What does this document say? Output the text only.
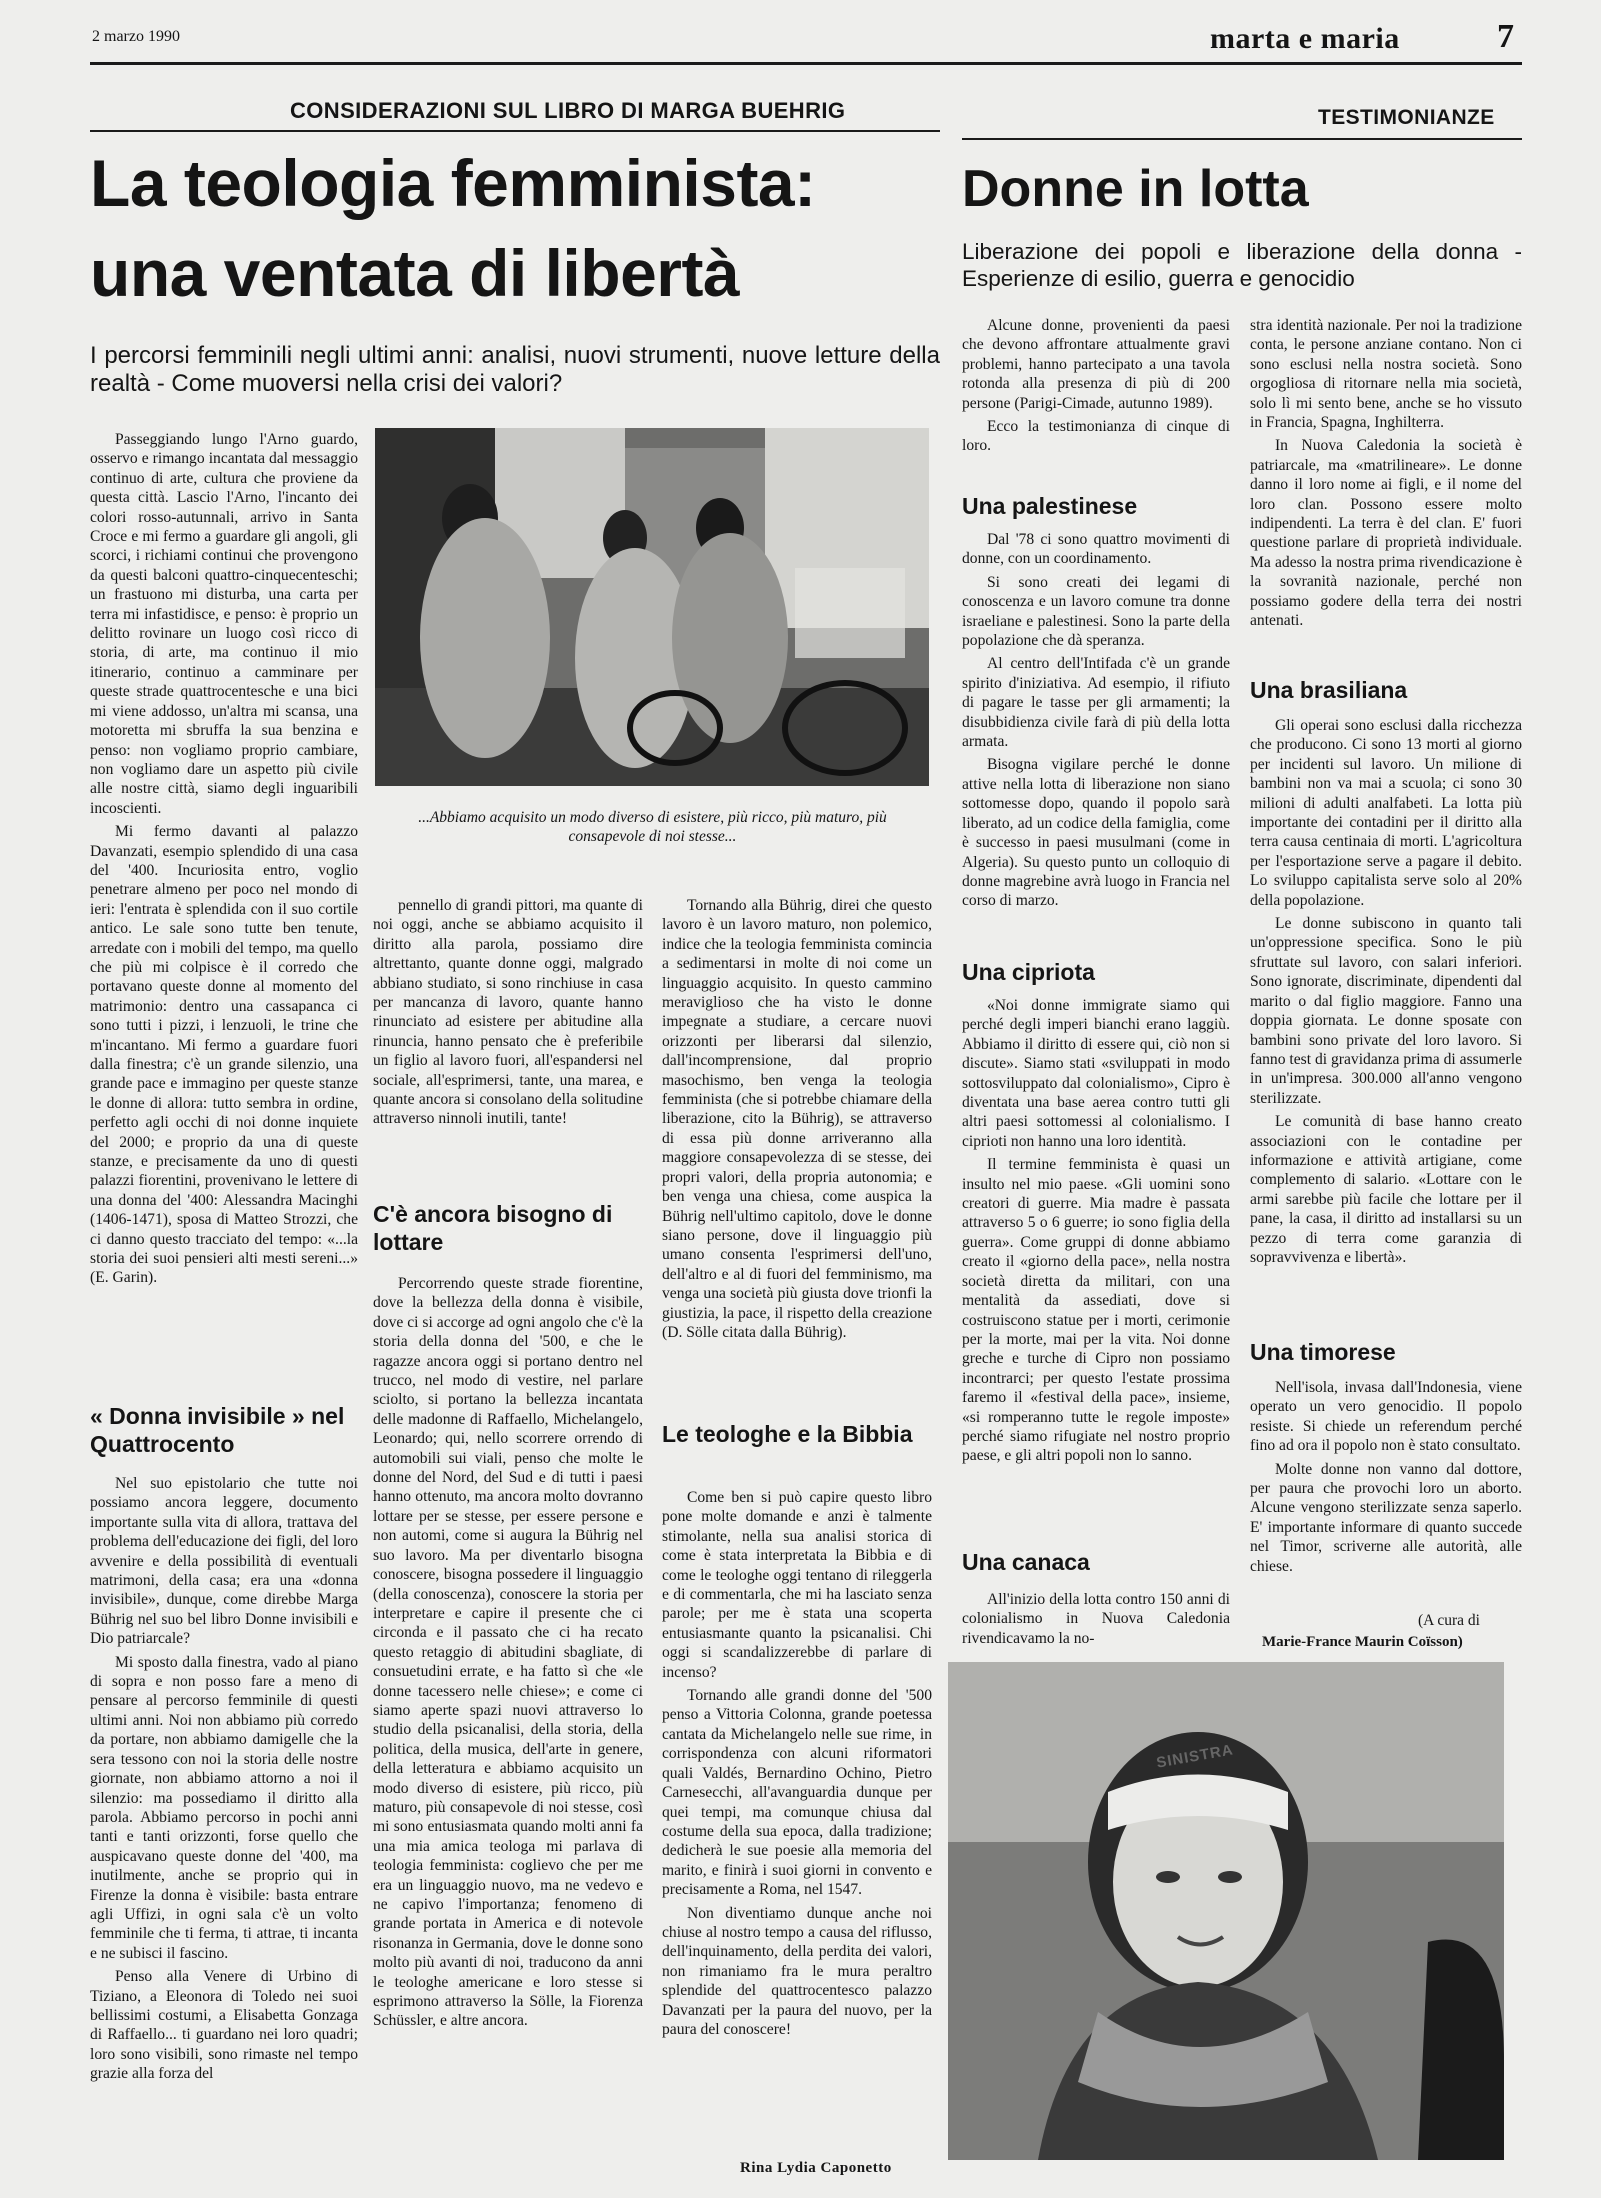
2 marzo 1990	marta e maria	7
CONSIDERAZIONI SUL LIBRO DI MARGA BUEHRIG
La teologia femminista:
una ventata di libertà
I percorsi femminili negli ultimi anni: analisi, nuovi strumenti, nuove letture della realtà - Come muoversi nella crisi dei valori?
...Abbiamo acquisito un modo diverso di esistere, più ricco, più maturo, più consapevole di noi stesse...

Passeggiando lungo l'Arno guardo, osservo e rimango incantata dal messaggio continuo di arte, cultura che proviene da questa città. Lascio l'Arno, l'incanto dei colori rosso-autunnali, arrivo in Santa Croce e mi fermo a guardare gli angoli, gli scorci, i richiami continui che provengono da questi balconi quattro-cinquecenteschi; un frastuono mi disturba, una carta per terra mi infastidisce, e penso: è proprio un delitto rovinare un luogo così ricco di storia, di arte, ma continuo il mio itinerario, continuo a camminare per queste strade quattrocentesche e una bici mi viene addosso, un'altra mi scansa, una motoretta mi sbruffa la sua benzina e penso: non vogliamo proprio cambiare, non vogliamo dare un aspetto più civile alle nostre città, siamo degli inguaribili incoscienti.

Mi fermo davanti al palazzo Davanzati, esempio splendido di una casa del '400. Incuriosita entro, voglio penetrare almeno per poco nel mondo di ieri: l'entrata è splendida con il suo cortile antico. Le sale sono tutte ben tenute, arredate con i mobili del tempo, ma quello che più mi colpisce è il corredo che portavano queste donne al momento del matrimonio: dentro una cassapanca ci sono tutti i pizzi, i lenzuoli, le trine che m'incantano. Mi fermo a guardare fuori dalla finestra; c'è un grande silenzio, una grande pace e immagino per queste stanze le donne di allora: tutto sembra in ordine, perfetto agli occhi di noi donne inquiete del 2000; e proprio da una di queste stanze, e precisamente da uno di questi palazzi fiorentini, provenivano le lettere di una donna del '400: Alessandra Macinghi (1406-1471), sposa di Matteo Strozzi, che ci danno questo tracciato del tempo: «...la storia dei suoi pensieri alti mesti sereni...» (E. Garin).

« Donna invisibile » nel Quattrocento

Nel suo epistolario che tutte noi possiamo ancora leggere, documento importante sulla vita di allora, trattava del problema dell'educazione dei figli, del loro avvenire e della possibilità di eventuali matrimoni, della casa; era una «donna invisibile», dunque, come direbbe Marga Bührig nel suo bel libro Donne invisibili e Dio patriarcale?

Mi sposto dalla finestra, vado al piano di sopra e non posso fare a meno di pensare al percorso femminile di questi ultimi anni. Noi non abbiamo più corredo da portare, non abbiamo damigelle che la sera tessono con noi la storia delle nostre giornate, non abbiamo attorno a noi il silenzio: ma possediamo il diritto alla parola. Abbiamo percorso in pochi anni tanti e tanti orizzonti, forse quello che auspicavano queste donne del '400, ma inutilmente, anche se proprio qui in Firenze la donna è visibile: basta entrare agli Uffizi, in ogni sala c'è un volto femminile che ti ferma, ti attrae, ti incanta e ne subisci il fascino.

Penso alla Venere di Urbino di Tiziano, a Eleonora di Toledo nei suoi bellissimi costumi, a Elisabetta Gonzaga di Raffaello... ti guardano nei loro quadri; loro sono visibili, sono rimaste nel tempo grazie alla forza del

pennello di grandi pittori, ma quante di noi oggi, anche se abbiamo acquisito il diritto alla parola, possiamo dire altrettanto, quante donne oggi, malgrado abbiano studiato, si sono rinchiuse in casa per mancanza di lavoro, quante hanno rinunciato ad esistere per abitudine alla rinuncia, hanno pensato che è preferibile un figlio al lavoro fuori, all'espandersi nel sociale, all'esprimersi, tante, una marea, e quante ancora si consolano della solitudine attraverso ninnoli inutili, tante!

C'è ancora bisogno di lottare

Percorrendo queste strade fiorentine, dove la bellezza della donna è visibile, dove ci si accorge ad ogni angolo che c'è la storia della donna del '500, e che le ragazze ancora oggi si portano dentro nel trucco, nel modo di vestire, nel parlare sciolto, si portano la bellezza incantata delle madonne di Raffaello, Michelangelo, Leonardo; qui, nello scorrere orrendo di automobili sui viali, penso che molte le donne del Nord, del Sud e di tutti i paesi hanno ottenuto, ma ancora molto dovranno lottare per se stesse, per essere persone e non automi, come si augura la Bührig nel suo lavoro. Ma per diventarlo bisogna conoscere, bisogna possedere il linguaggio (della conoscenza), conoscere la storia per interpretare e capire il presente che ci circonda e il passato che ci ha recato questo retaggio di abitudini sbagliate, di consuetudini errate, e ha fatto sì che «le donne tacessero nelle chiese»; e come ci siamo aperte spazi nuovi attraverso lo studio della psicanalisi, della storia, della politica, della musica, dell'arte in genere, della letteratura e abbiamo acquisito un modo diverso di esistere, più ricco, più maturo, più consapevole di noi stesse, così mi sono entusiasmata quando molti anni fa una mia amica teologa mi parlava di teologia femminista: coglievo che per me era un linguaggio nuovo, ma ne vedevo e ne capivo l'importanza; fenomeno di grande portata in America e di notevole risonanza in Germania, dove le donne sono molto più avanti di noi, traducono da anni le teologhe americane e loro stesse si esprimono attraverso la Sölle, la Fiorenza Schüssler, e altre ancora.

Tornando alla Bührig, direi che questo lavoro è un lavoro maturo, non polemico, indice che la teologia femminista comincia a sedimentarsi in molte di noi come un linguaggio acquisito. In questo cammino meraviglioso che ha visto le donne impegnate a studiare, a cercare nuovi orizzonti per liberarsi dal silenzio, dall'incomprensione, dal proprio masochismo, ben venga la teologia femminista (che si potrebbe chiamare della liberazione, cito la Bührig), se attraverso di essa più donne arriveranno alla maggiore consapevolezza di se stesse, dei propri valori, della propria autonomia; e ben venga una chiesa, come auspica la Bührig nell'ultimo capitolo, dove le donne siano persone, dove il linguaggio più umano consenta l'esprimersi dell'uno, dell'altro e al di fuori del femminismo, ma venga una società più giusta dove trionfi la giustizia, la pace, il rispetto della creazione (D. Sölle citata dalla Bührig).

Le teologhe e la Bibbia

Come ben si può capire questo libro pone molte domande e anzi è talmente stimolante, nella sua analisi storica di come è stata interpretata la Bibbia e di come le teologhe oggi tentano di rileggerla e di commentarla, che mi ha lasciato senza parole; per me è stata una scoperta entusiasmante quanto la psicanalisi. Chi oggi si scandalizzerebbe di parlare di incenso?

Tornando alle grandi donne del '500 penso a Vittoria Colonna, grande poetessa cantata da Michelangelo nelle sue rime, in corrispondenza con alcuni riformatori quali Valdés, Bernardino Ochino, Pietro Carnesecchi, all'avanguardia dunque per quei tempi, ma comunque chiusa dal costume della sua epoca, dalla tradizione; dedicherà le sue poesie alla memoria del marito, e finirà i suoi giorni in convento e precisamente a Roma, nel 1547.

Non diventiamo dunque anche noi chiuse al nostro tempo a causa del riflusso, dell'inquinamento, della perdita dei valori, non rimaniamo fra le mura peraltro splendide del quattrocentesco palazzo Davanzati per la paura del nuovo, per la paura del conoscere!

Rina Lydia Caponetto
TESTIMONIANZE
Donne in lotta
Liberazione dei popoli e liberazione della donna - Esperienze di esilio, guerra e genocidio

Alcune donne, provenienti da paesi che devono affrontare attualmente gravi problemi, hanno partecipato a una tavola rotonda alla presenza di più di 200 persone (Parigi-Cimade, autunno 1989).

Ecco la testimonianza di cinque di loro.

Una palestinese

Dal '78 ci sono quattro movimenti di donne, con un coordinamento.

Si sono creati dei legami di conoscenza e un lavoro comune tra donne israeliane e palestinesi. Sono la parte della popolazione che dà speranza.

Al centro dell'Intifada c'è un grande spirito d'iniziativa. Ad esempio, il rifiuto di pagare le tasse per gli armamenti; la disubbidienza civile farà di più della lotta armata.

Bisogna vigilare perché le donne attive nella lotta di liberazione non siano sottomesse dopo, quando il popolo sarà liberato, ad un codice della famiglia, come è successo in paesi musulmani (come in Algeria). Su questo punto un colloquio di donne magrebine avrà luogo in Francia nel corso di marzo.

Una cipriota

«Noi donne immigrate siamo qui perché degli imperi bianchi erano laggiù. Abbiamo il diritto di essere qui, ciò non si discute». Siamo stati «sviluppati in modo sottosviluppato dal colonialismo», Cipro è diventata una base aerea contro tutti gli altri paesi sottomessi al colonialismo. I ciprioti non hanno una loro identità.

Il termine femminista è quasi un insulto nel mio paese. «Gli uomini sono creatori di guerre. Mia madre è passata attraverso 5 o 6 guerre; io sono figlia della guerra». Come gruppi di donne abbiamo creato il «giorno della pace», nella nostra società diretta da militari, con una mentalità da assediati, dove si costruiscono statue per i morti, cerimonie per la morte, mai per la vita. Noi donne greche e turche di Cipro non possiamo incontrarci; per questo l'estate prossima faremo il «festival della pace», insieme, «si romperanno tutte le regole imposte» perché siamo rifugiate nel nostro proprio paese, e gli altri popoli non lo sanno.

Una canaca

All'inizio della lotta contro 150 anni di colonialismo in Nuova Caledonia rivendicavamo la no-

stra identità nazionale. Per noi la tradizione conta, le persone anziane contano. Non ci sono esclusi nella nostra società. Sono orgogliosa di ritornare nella mia società, solo lì mi sento bene, anche se ho vissuto in Francia, Spagna, Inghilterra.

In Nuova Caledonia la società è patriarcale, ma «matrilineare». Le donne danno il loro nome ai figli, e il nome del loro clan. Possono essere molto indipendenti. La terra è del clan. E' fuori questione parlare di proprietà individuale. Ma adesso la nostra prima rivendicazione è la sovranità nazionale, perché non possiamo godere della terra dei nostri antenati.

Una brasiliana

Gli operai sono esclusi dalla ricchezza che producono. Ci sono 13 morti al giorno per incidenti sul lavoro. Un milione di bambini non va mai a scuola; ci sono 30 milioni di adulti analfabeti. La lotta più importante dei contadini per il diritto alla terra causa centinaia di morti. L'agricoltura per l'esportazione serve a pagare il debito. Lo sviluppo capitalista serve solo al 20% della popolazione.

Le donne subiscono in quanto tali un'oppressione specifica. Sono le più sfruttate sul lavoro, con salari inferiori. Sono ignorate, discriminate, dipendenti dal marito o dal figlio maggiore. Fanno una doppia giornata. Le donne sposate con bambini sono private del loro lavoro. Si fanno test di gravidanza prima di assumerle in un'impresa. 300.000 all'anno vengono sterilizzate.

Le comunità di base hanno creato associazioni con le contadine per informazione e attività artigiane, come complemento di salario. «Lottare con le armi sarebbe più facile che lottare per il pane, la casa, il diritto ad installarsi su un pezzo di terra come garanzia di sopravvivenza e libertà».

Una timorese

Nell'isola, invasa dall'Indonesia, viene operato un vero genocidio. Il popolo resiste. Si chiede un referendum perché fino ad ora il popolo non è stato consultato.

Molte donne non vanno dal dottore, per paura che provochi loro un aborto. Alcune vengono sterilizzate senza saperlo. E' importante informare di quanto succede nel Timor, scriverne alle autorità, alle chiese.

(A cura di
Marie-France Maurin Coïsson)
SINISTRA
